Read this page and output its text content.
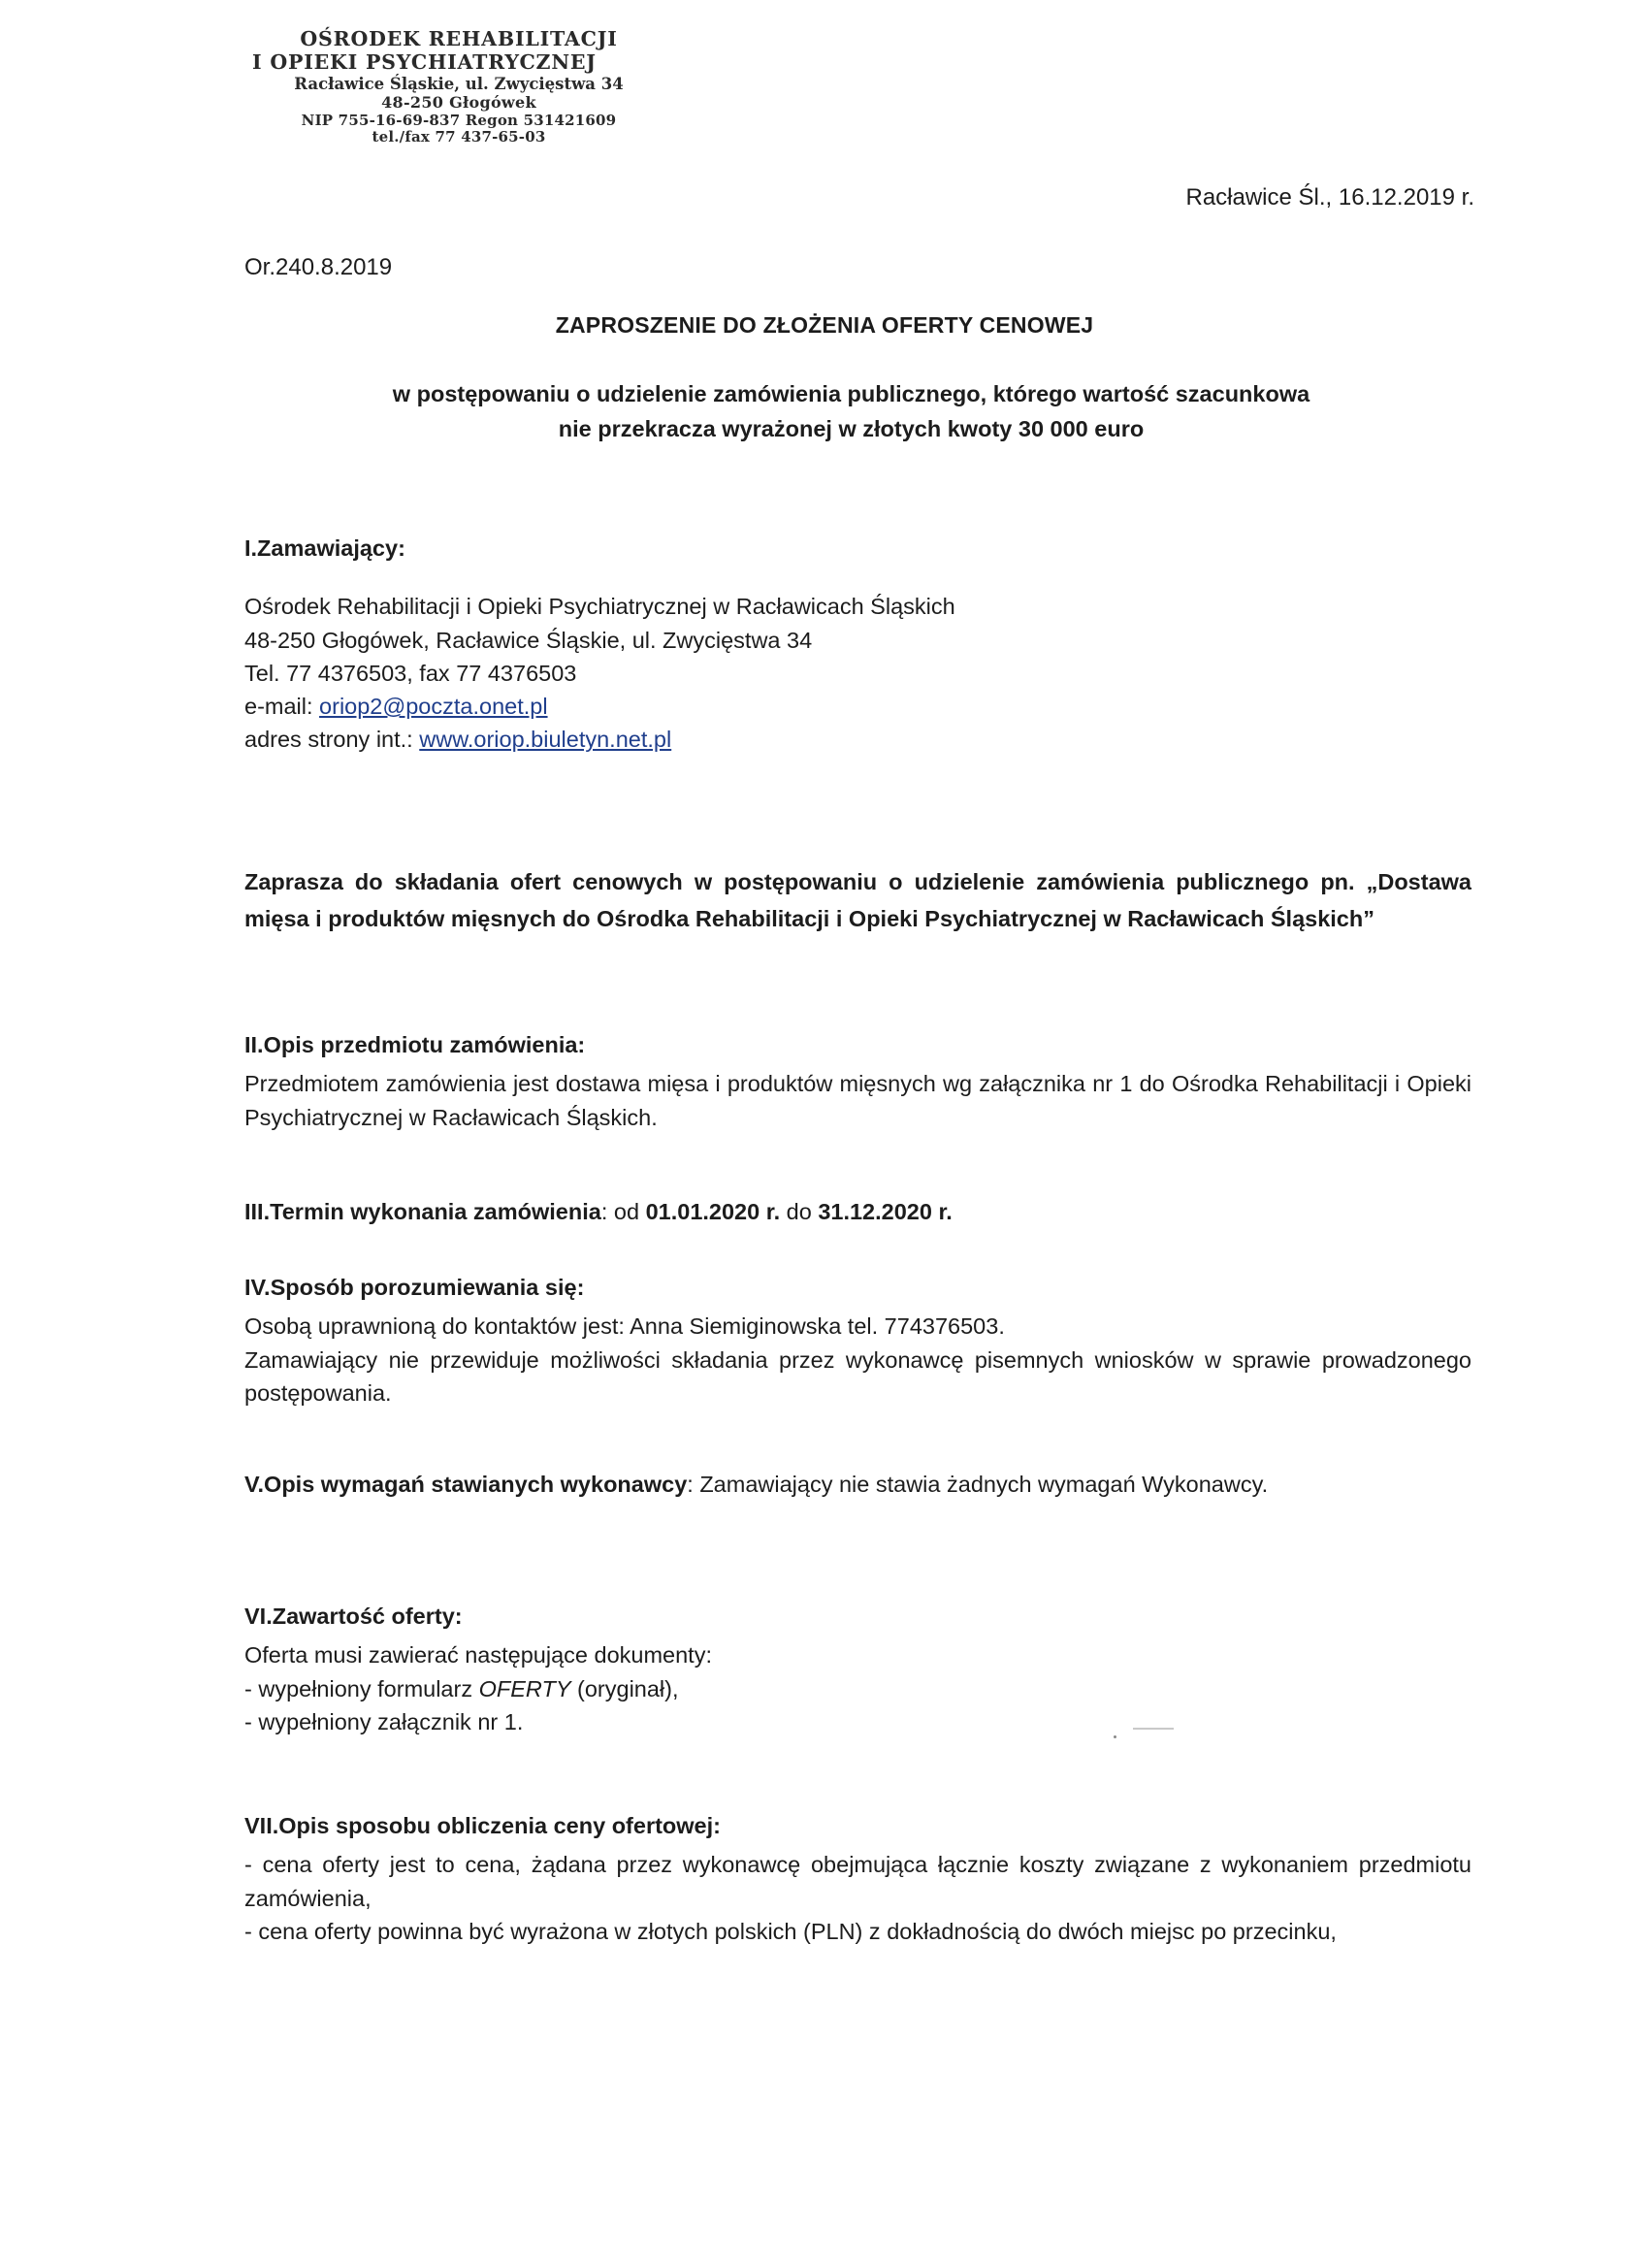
OŚRODEK REHABILITACJI
I OPIEKI PSYCHIATRYCZNEJ
Racławice Śląskie, ul. Zwycięstwa 34
48-250 Głogówek
NIP 755-16-69-837 Regon 531421609
tel./fax 77 437-65-03
Racławice Śl., 16.12.2019 r.
Or.240.8.2019
ZAPROSZENIE DO ZŁOŻENIA OFERTY CENOWEJ
w postępowaniu o udzielenie zamówienia publicznego, którego wartość szacunkowa
nie przekracza wyrażonej w złotych kwoty 30 000 euro
I.Zamawiający:
Ośrodek Rehabilitacji i Opieki Psychiatrycznej w Racławicach Śląskich
48-250 Głogówek, Racławice Śląskie, ul. Zwycięstwa 34
Tel. 77 4376503, fax 77 4376503
e-mail: oriop2@poczta.onet.pl
adres strony int.: www.oriop.biuletyn.net.pl
Zaprasza do składania ofert cenowych w postępowaniu o udzielenie zamówienia publicznego pn. „Dostawa mięsa i produktów mięsnych do Ośrodka Rehabilitacji i Opieki Psychiatrycznej w Racławicach Śląskich”
II.Opis przedmiotu zamówienia:
Przedmiotem zamówienia jest dostawa mięsa i produktów mięsnych wg załącznika nr 1 do Ośrodka Rehabilitacji i Opieki Psychiatrycznej w Racławicach Śląskich.
III.Termin wykonania zamówienia: od 01.01.2020 r. do 31.12.2020 r.
IV.Sposób porozumiewania się:
Osobą uprawnioną do kontaktów jest: Anna Siemiginowska tel. 774376503.
Zamawiający nie przewiduje możliwości składania przez wykonawcę pisemnych wniosków w sprawie prowadzonego postępowania.
V.Opis wymagań stawianych wykonawcy: Zamawiający nie stawia żadnych wymagań Wykonawcy.
VI.Zawartość oferty:
Oferta musi zawierać następujące dokumenty:
- wypełniony formularz OFERTY (oryginał),
- wypełniony załącznik nr 1.
VII.Opis sposobu obliczenia ceny ofertowej:
- cena oferty jest to cena, żądana przez wykonawcę obejmująca łącznie koszty związane z wykonaniem przedmiotu zamówienia,
- cena oferty powinna być wyrażona w złotych polskich (PLN) z dokładnością do dwóch miejsc po przecinku,
